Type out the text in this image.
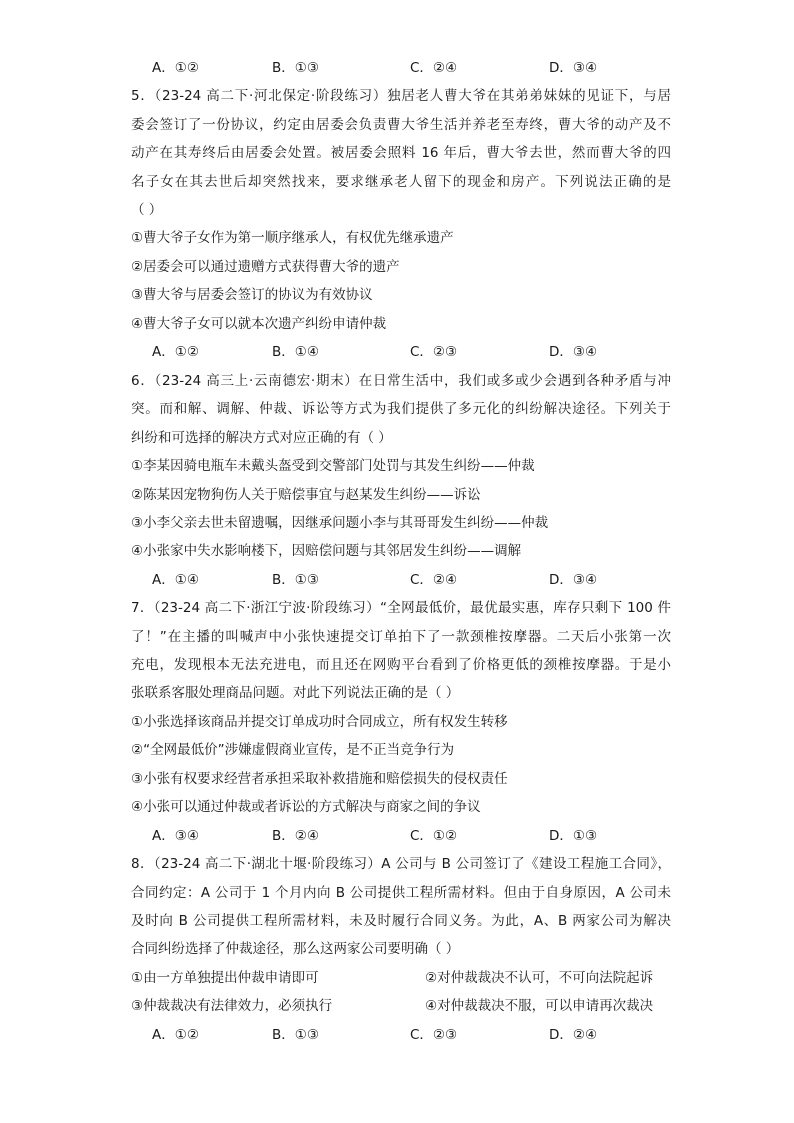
A．①②	B．①③	C．②④	D．③④
5．（23-24 高二下·河北保定·阶段练习）独居老人曹大爷在其弟弟妹妹的见证下，与居
委会签订了一份协议，约定由居委会负责曹大爷生活并养老至寿终，曹大爷的动产及不
动产在其寿终后由居委会处置。被居委会照料 16 年后，曹大爷去世，然而曹大爷的四
名子女在其去世后却突然找来，要求继承老人留下的现金和房产。下列说法正确的是
（ ）
①曹大爷子女作为第一顺序继承人，有权优先继承遗产
②居委会可以通过遗赠方式获得曹大爷的遗产
③曹大爷与居委会签订的协议为有效协议
④曹大爷子女可以就本次遗产纠纷申请仲裁
A．①②	B．①④	C．②③	D．③④
6．（23-24 高三上·云南德宏·期末）在日常生活中，我们或多或少会遇到各种矛盾与冲
突。而和解、调解、仲裁、诉讼等方式为我们提供了多元化的纠纷解决途径。下列关于
纠纷和可选择的解决方式对应正确的有（ ）
①李某因骑电瓶车未戴头盔受到交警部门处罚与其发生纠纷——仲裁
②陈某因宠物狗伤人关于赔偿事宜与赵某发生纠纷——诉讼
③小李父亲去世未留遗嘱，因继承问题小李与其哥哥发生纠纷——仲裁
④小张家中失水影响楼下，因赔偿问题与其邻居发生纠纷——调解
A．①④	B．①③	C．②④	D．③④
7．（23-24 高二下·浙江宁波·阶段练习）“全网最低价，最优最实惠，库存只剩下 100 件
了！”在主播的叫喊声中小张快速提交订单拍下了一款颈椎按摩器。二天后小张第一次
充电，发现根本无法充进电，而且还在网购平台看到了价格更低的颈椎按摩器。于是小
张联系客服处理商品问题。对此下列说法正确的是（ ）
①小张选择该商品并提交订单成功时合同成立，所有权发生转移
②“全网最低价”涉嫌虚假商业宣传，是不正当竞争行为
③小张有权要求经营者承担采取补救措施和赔偿损失的侵权责任
④小张可以通过仲裁或者诉讼的方式解决与商家之间的争议
A．③④	B．②④	C．①②	D．①③
8．（23-24 高二下·湖北十堰·阶段练习）A 公司与 B 公司签订了《建设工程施工合同》，
合同约定：A 公司于 1 个月内向 B 公司提供工程所需材料。但由于自身原因，A 公司未
及时向 B 公司提供工程所需材料，未及时履行合同义务。为此，A、B 两家公司为解决
合同纠纷选择了仲裁途径，那么这两家公司要明确（ ）
①由一方单独提出仲裁申请即可	②对仲裁裁决不认可，不可向法院起诉
③仲裁裁决有法律效力，必须执行	④对仲裁裁决不服，可以申请再次裁决
A．①②	B．①③	C．②③	D．②④
